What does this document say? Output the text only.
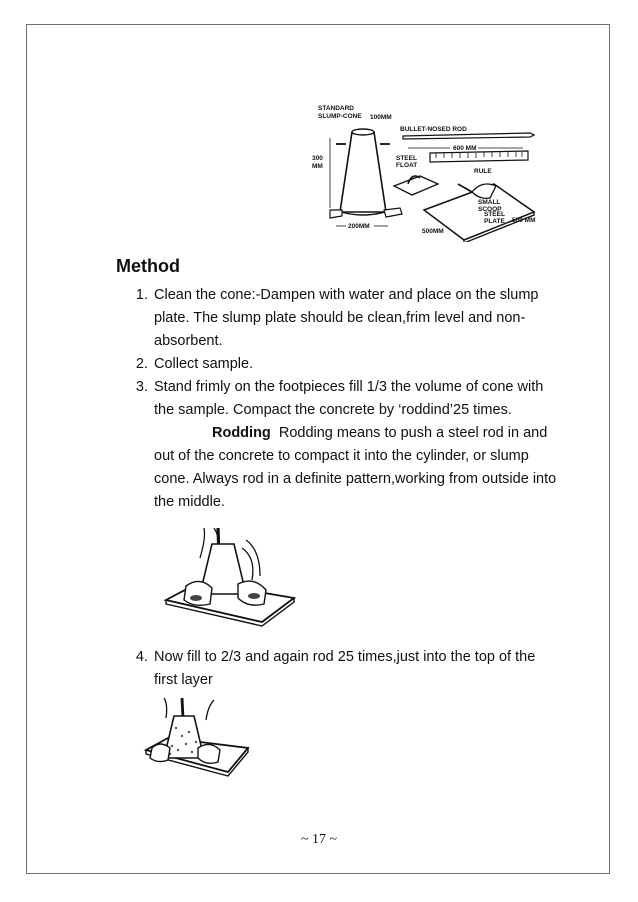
STANDARD
SLUMP-CONE 100MM
BULLET-NOSED ROD
600 MM
RULE
300
MM
200MM
STEEL
FLOAT
SMALL
SCOOP
STEEL
PLATE 500 MM
500MM
Method
1. Clean the cone:-Dampen with water and place on the slump plate. The slump plate should be clean,frim level and non-absorbent.
2. Collect sample.
3. Stand frimly on the footpieces fill 1/3 the volume of cone with the sample. Compact the concrete by ‘roddind’25 times.Rodding Rodding means to push a steel rod in and out of the concrete to compact it into the cylinder, or slump cone. Always rod in a definite pattern,working from outside into the middle.
4. Now fill to 2/3 and again rod 25 times,just into the top of the first layer
~ 17 ~
